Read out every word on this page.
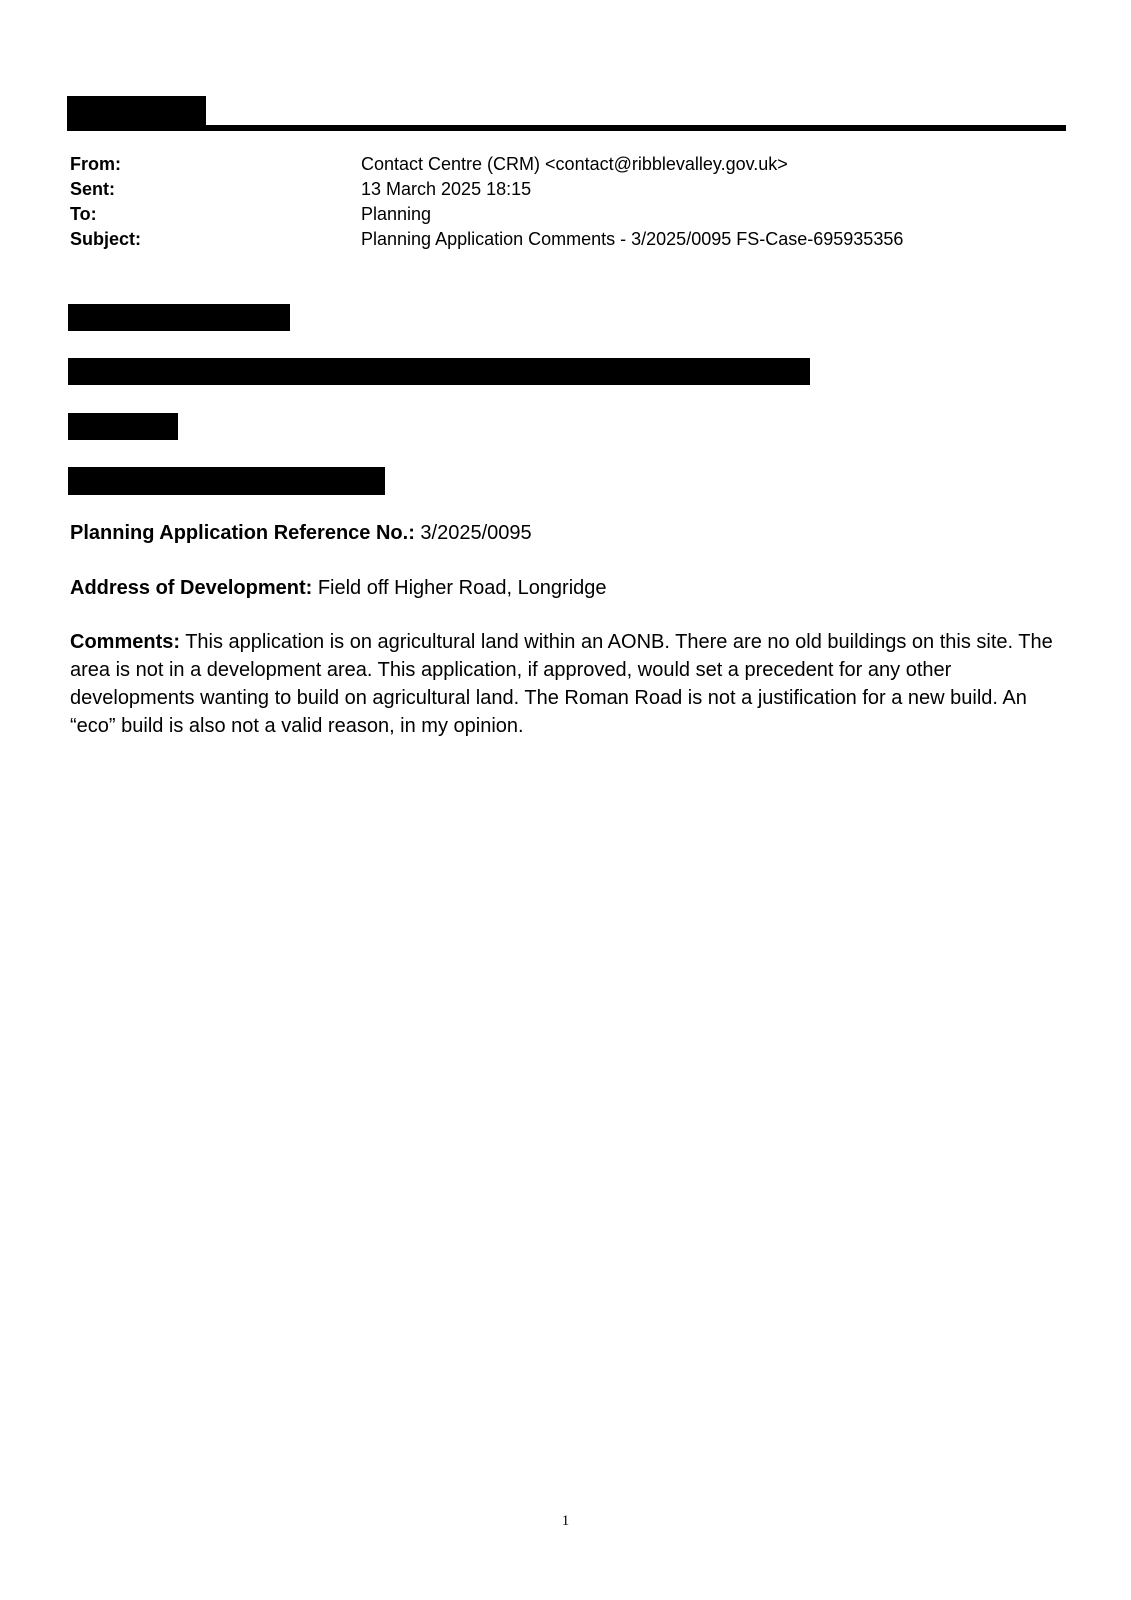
From:	Contact Centre (CRM) <contact@ribblevalley.gov.uk>
Sent:	13 March 2025 18:15
To:	Planning
Subject:	Planning Application Comments - 3/2025/0095 FS-Case-695935356
Planning Application Reference No.: 3/2025/0095
Address of Development: Field off Higher Road, Longridge
Comments: This application is on agricultural land within an AONB. There are no old buildings on this site. The area is not in a development area. This application, if approved, would set a precedent for any other developments wanting to build on agricultural land. The Roman Road is not a justification for a new build. An “eco” build is also not a valid reason, in my opinion.
1
